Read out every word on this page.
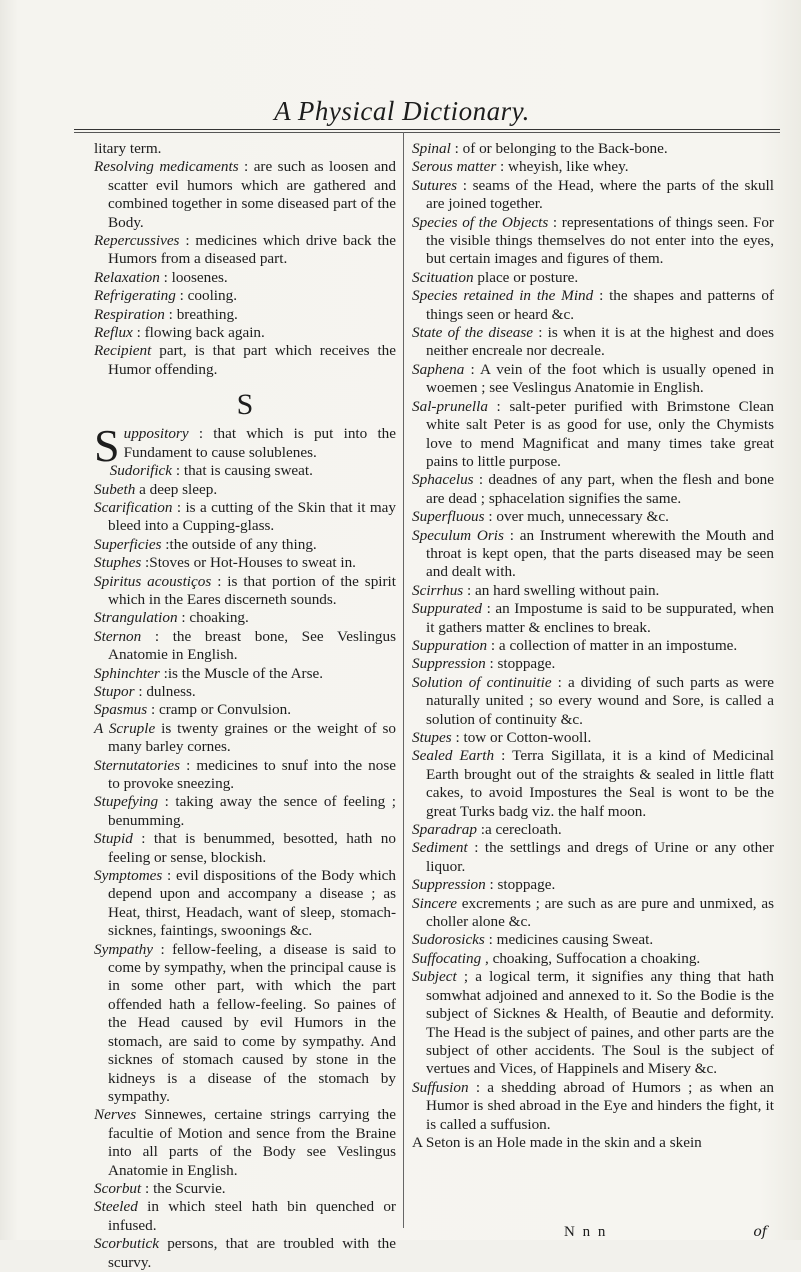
A Physical Dictionary.

litary term.

Resolving medicaments : are such as loosen and scatter evil humors which are gathered and combined together in some diseased part of the Body.

Repercussives : medicines which drive back the Humors from a diseased part.

Relaxation : loosenes.

Refrigerating : cooling.

Respiration : breathing.

Reflux : flowing back again.

Recipient part, is that part which receives the Humor offending.

S

Suppository : that which is put into the Fundament to cause solublenes.

Sudorifick : that is causing sweat.

Subeth a deep sleep.

Scarification : is a cutting of the Skin that it may bleed into a Cupping-glass.

Superficies :the outside of any thing.

Stuphes :Stoves or Hot-Houses to sweat in.

Spiritus acoustiços : is that portion of the spirit which in the Eares discerneth sounds.

Strangulation : choaking.

Sternon : the breast bone, See Veslingus Anatomie in English.

Sphinchter :is the Muscle of the Arse.

Stupor : dulness.

Spasmus : cramp or Convulsion.

A Scruple is twenty graines or the weight of so many barley cornes.

Sternutatories : medicines to snuf into the nose to provoke sneezing.

Stupefying : taking away the sence of feeling ; benumming.

Stupid : that is benummed, besotted, hath no feeling or sense, blockish.

Symptomes : evil dispositions of the Body which depend upon and accompany a disease ; as Heat, thirst, Headach, want of sleep, stomach-sicknes, faintings, swoonings &c.

Sympathy : fellow-feeling, a disease is said to come by sympathy, when the principal cause is in some other part, with which the part offended hath a fellow-feeling. So paines of the Head caused by evil Humors in the stomach, are said to come by sympathy. And sicknes of stomach caused by stone in the kidneys is a disease of the stomach by sympathy.

Nerves Sinnewes, certaine strings carrying the facultie of Motion and sence from the Braine into all parts of the Body see Veslingus Anatomie in English.

Scorbut : the Scurvie.

Steeled in which steel hath bin quenched or infused.

Scorbutick persons, that are troubled with the scurvy.

Spinal : of or belonging to the Back-bone.

Serous matter : wheyish, like whey.

Sutures : seams of the Head, where the parts of the skull are joined together.

Species of the Objects : representations of things seen. For the visible things themselves do not enter into the eyes, but certain images and figures of them.

Scituation place or posture.

Species retained in the Mind : the shapes and patterns of things seen or heard &c.

State of the disease : is when it is at the highest and does neither encreale nor decreale.

Saphena : A vein of the foot which is usually opened in woemen ; see Veslingus Anatomie in English.

Sal-prunella : salt-peter purified with Brimstone Clean white salt Peter is as good for use, only the Chymists love to mend Magnificat and many times take great pains to little purpose.

Sphacelus : deadnes of any part, when the flesh and bone are dead ; sphacelation signifies the same.

Superfluous : over much, unnecessary &c.

Speculum Oris : an Instrument wherewith the Mouth and throat is kept open, that the parts diseased may be seen and dealt with.

Scirrhus : an hard swelling without pain.

Suppurated : an Impostume is said to be suppurated, when it gathers matter & enclines to break.

Suppuration : a collection of matter in an impostume.

Suppression : stoppage.

Solution of continuitie : a dividing of such parts as were naturally united ; so every wound and Sore, is called a solution of continuity &c.

Stupes : tow or Cotton-wooll.

Sealed Earth : Terra Sigillata, it is a kind of Medicinal Earth brought out of the straights & sealed in little flatt cakes, to avoid Impostures the Seal is wont to be the great Turks badg viz. the half moon.

Sparadrap :a cerecloath.

Sediment : the settlings and dregs of Urine or any other liquor.

Suppression : stoppage.

Sincere excrements ; are such as are pure and unmixed, as choller alone &c.

Sudorosicks : medicines causing Sweat.

Suffocating , choaking, Suffocation a choaking.

Subject ; a logical term, it signifies any thing that hath somwhat adjoined and annexed to it. So the Bodie is the subject of Sicknes & Health, of Beautie and deformity. The Head is the subject of paines, and other parts are the subject of other accidents. The Soul is the subject of vertues and Vices, of Happinels and Misery &c.

Suffusion : a shedding abroad of Humors ; as when an Humor is shed abroad in the Eye and hinders the fight, it is called a suffusion.

A Seton is an Hole made in the skin and a skein

N n n	of
